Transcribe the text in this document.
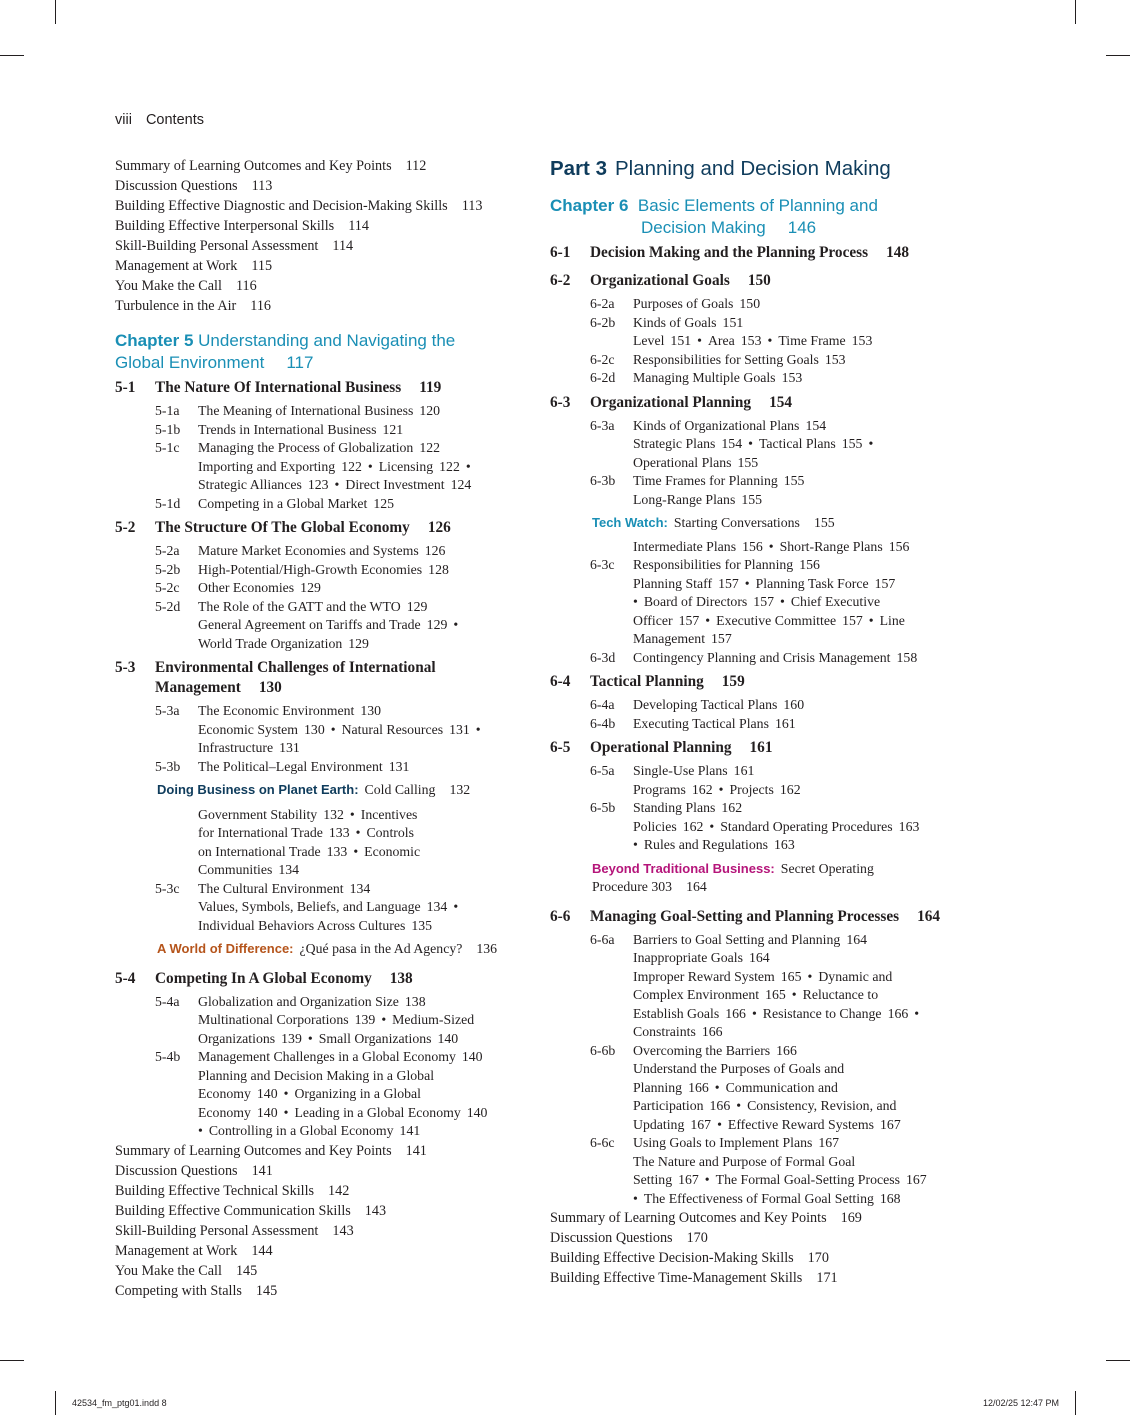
42534_fm_ptg01.indd 8	12/02/25 12:47 PM
viii Contents
Summary of Learning Outcomes and Key Points 112
Discussion Questions 113
Building Effective Diagnostic and Decision-Making Skills 113
Building Effective Interpersonal Skills 114
Skill-Building Personal Assessment 114
Management at Work 115
You Make the Call 116
Turbulence in the Air 116
Chapter 5 Understanding and Navigating the
Global Environment 117
5-1 The Nature Of International Business 119
5-1a The Meaning of International Business 120
5-1b Trends in International Business 121
5-1c Managing the Process of Globalization 122
Importing and Exporting 122 • Licensing 122 •
Strategic Alliances 123 • Direct Investment 124
5-1d Competing in a Global Market 125
5-2 The Structure Of The Global Economy 126
5-2a Mature Market Economies and Systems 126
5-2b High-Potential/High-Growth Economies 128
5-2c Other Economies 129
5-2d The Role of the GATT and the WTO 129
General Agreement on Tariffs and Trade 129 •
World Trade Organization 129
5-3 Environmental Challenges of International
Management 130
5-3a The Economic Environment 130
Economic System 130 • Natural Resources 131 •
Infrastructure 131
5-3b The Political–Legal Environment 131
Doing Business on Planet Earth: Cold Calling 132
Government Stability 132 • Incentives
for International Trade 133 • Controls
on International Trade 133 • Economic
Communities 134
5-3c The Cultural Environment 134
Values, Symbols, Beliefs, and Language 134 •
Individual Behaviors Across Cultures 135
A World of Difference: ¿Qué pasa in the Ad Agency? 136
5-4 Competing In A Global Economy 138
5-4a Globalization and Organization Size 138
Multinational Corporations 139 • Medium-Sized
Organizations 139 • Small Organizations 140
5-4b Management Challenges in a Global Economy 140
Planning and Decision Making in a Global
Economy 140 • Organizing in a Global
Economy 140 • Leading in a Global Economy 140
• Controlling in a Global Economy 141
Summary of Learning Outcomes and Key Points 141
Discussion Questions 141
Building Effective Technical Skills 142
Building Effective Communication Skills 143
Skill-Building Personal Assessment 143
Management at Work 144
You Make the Call 145
Competing with Stalls 145
Part 3 Planning and Decision Making
Chapter 6 Basic Elements of Planning and
Decision Making 146
6-1 Decision Making and the Planning Process 148
6-2 Organizational Goals 150
6-2a Purposes of Goals 150
6-2b Kinds of Goals 151
Level 151 • Area 153 • Time Frame 153
6-2c Responsibilities for Setting Goals 153
6-2d Managing Multiple Goals 153
6-3 Organizational Planning 154
6-3a Kinds of Organizational Plans 154
Strategic Plans 154 • Tactical Plans 155 •
Operational Plans 155
6-3b Time Frames for Planning 155
Long-Range Plans 155
Tech Watch: Starting Conversations 155
Intermediate Plans 156 • Short-Range Plans 156
6-3c Responsibilities for Planning 156
Planning Staff 157 • Planning Task Force 157
• Board of Directors 157 • Chief Executive
Officer 157 • Executive Committee 157 • Line
Management 157
6-3d Contingency Planning and Crisis Management 158
6-4 Tactical Planning 159
6-4a Developing Tactical Plans 160
6-4b Executing Tactical Plans 161
6-5 Operational Planning 161
6-5a Single-Use Plans 161
Programs 162 • Projects 162
6-5b Standing Plans 162
Policies 162 • Standard Operating Procedures 163
• Rules and Regulations 163
Beyond Traditional Business: Secret Operating
Procedure 303 164
6-6 Managing Goal-Setting and Planning Processes 164
6-6a Barriers to Goal Setting and Planning 164
Inappropriate Goals 164
Improper Reward System 165 • Dynamic and
Complex Environment 165 • Reluctance to
Establish Goals 166 • Resistance to Change 166 •
Constraints 166
6-6b Overcoming the Barriers 166
Understand the Purposes of Goals and
Planning 166 • Communication and
Participation 166 • Consistency, Revision, and
Updating 167 • Effective Reward Systems 167
6-6c Using Goals to Implement Plans 167
The Nature and Purpose of Formal Goal
Setting 167 • The Formal Goal-Setting Process 167
• The Effectiveness of Formal Goal Setting 168
Summary of Learning Outcomes and Key Points 169
Discussion Questions 170
Building Effective Decision-Making Skills 170
Building Effective Time-Management Skills 171
